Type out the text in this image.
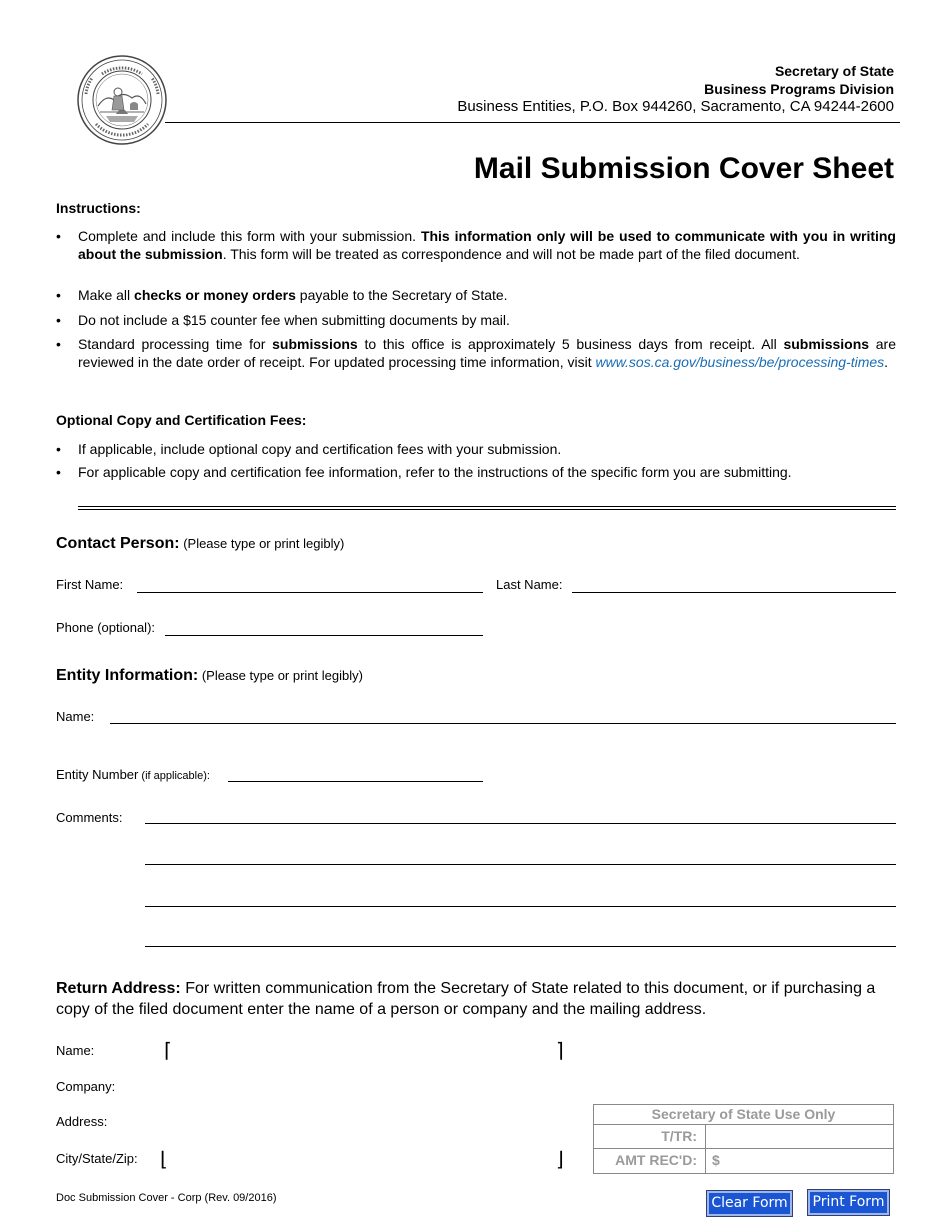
Secretary of State
Business Programs Division
Business Entities, P.O. Box 944260, Sacramento, CA 94244-2600
Mail Submission Cover Sheet
Instructions:
•	Complete and include this form with your submission. This information only will be used to communicate with you in writing about the submission. This form will be treated as correspondence and will not be made part of the filed document.
•	Make all checks or money orders payable to the Secretary of State.
•	Do not include a $15 counter fee when submitting documents by mail.
•	Standard processing time for submissions to this office is approximately 5 business days from receipt. All submissions are reviewed in the date order of receipt. For updated processing time information, visit www.sos.ca.gov/business/be/processing-times.
Optional Copy and Certification Fees:
•	If applicable, include optional copy and certification fees with your submission.
•	For applicable copy and certification fee information, refer to the instructions of the specific form you are submitting.
Contact Person: (Please type or print legibly)
First Name:	Last Name:
Phone (optional):
Entity Information: (Please type or print legibly)
Name:
Entity Number (if applicable):
Comments:
Return Address: For written communication from the Secretary of State related to this document, or if purchasing a copy of the filed document enter the name of a person or company and the mailing address.
Name:
Company:
Address:
City/State/Zip:
⌈	⌉
⌊	⌋
Secretary of State Use Only
T/TR:
AMT REC'D:	$
Doc Submission Cover - Corp (Rev. 09/2016)	Clear Form	Print Form
